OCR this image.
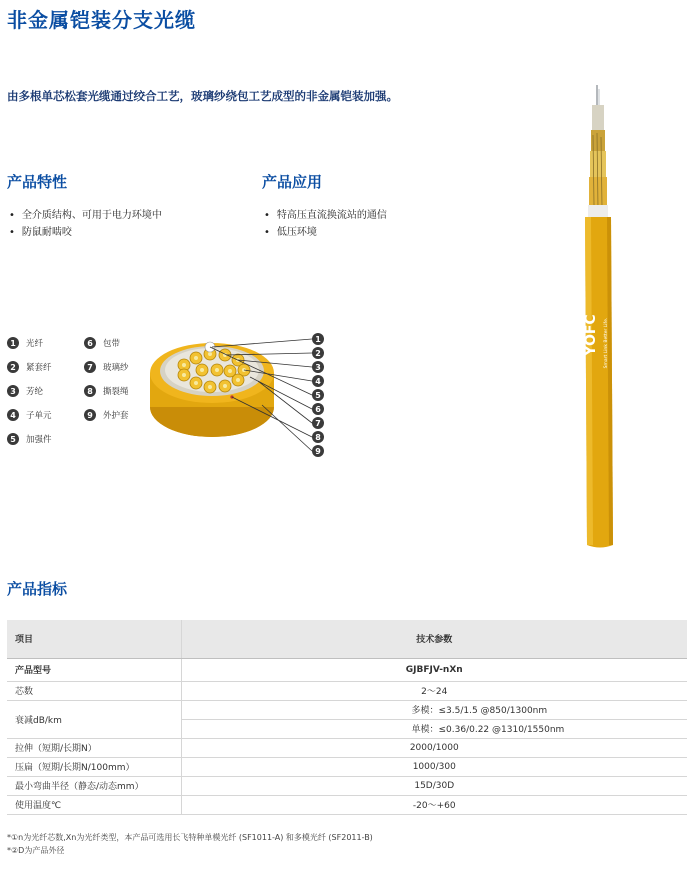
非金属铠装分支光缆
由多根单芯松套光缆通过绞合工艺，玻璃纱绕包工艺成型的非金属铠装加强。
产品特性
• 全介质结构、可用于电力环境中
• 防鼠耐啮咬
产品应用
• 特高压直流换流站的通信
• 低压环境
1	光纤
2	紧套纤
3	芳纶
4	子单元
5	加强件
6	包带
7	玻璃纱
8	撕裂绳
9	外护套
1
2
3
4
5
6
7
8
9
YOFC Smart Link Better Life.
产品指标
项目	技术参数
产品型号	GJBFJV-nXn
芯数	2～24
衰减dB/km	多模：≤3.5/1.5 @850/1300nm
	单模：≤0.36/0.22 @1310/1550nm
拉伸（短期/长期N）	2000/1000
压扁（短期/长期N/100mm）	1000/300
最小弯曲半径（静态/动态mm）	15D/30D
使用温度℃	-20～+60
*①n为光纤芯数,Xn为光纤类型，本产品可选用长飞特种单模光纤 (SF1011-A) 和多模光纤 (SF2011-B)
*②D为产品外径
